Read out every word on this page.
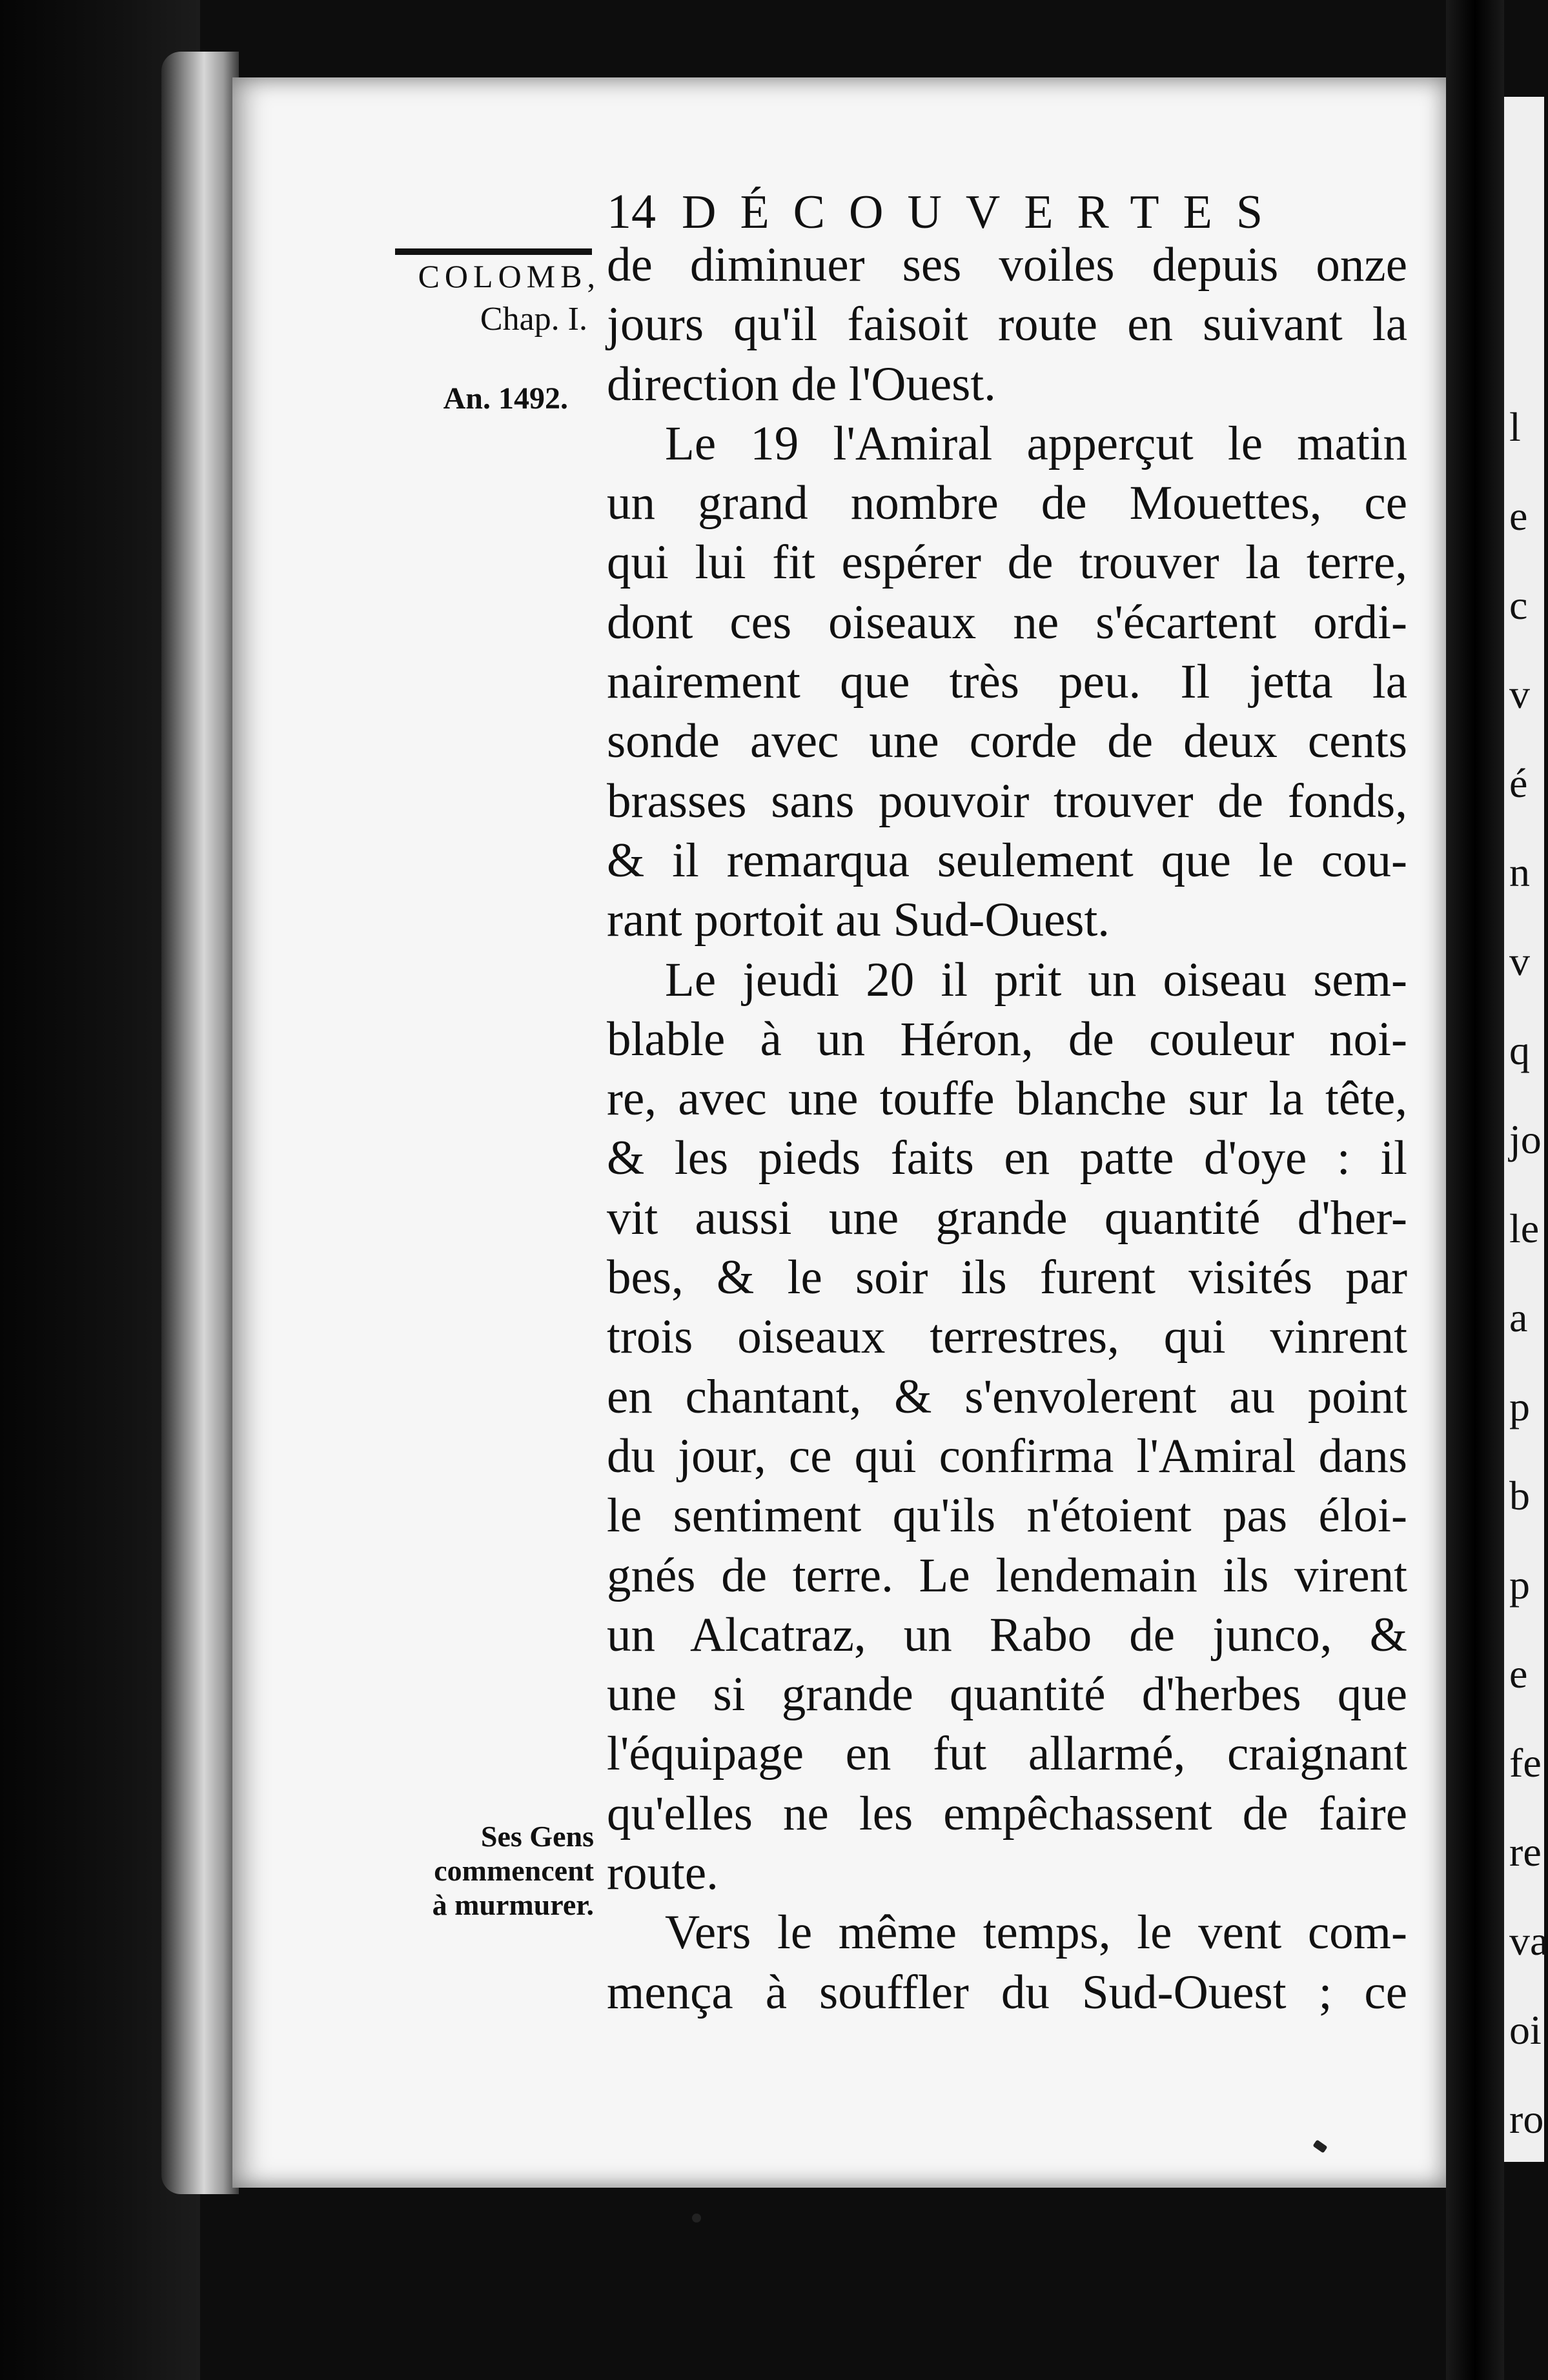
l
e
c
v
é
n
v
q
jo
le
a
p
b
p
e
fe
re
va
oi
ro
14 DÉCOUVERTES
COLOMB,
Chap. I.
An. 1492.
Ses Gens
commencent
à murmurer.
de diminuer ses voiles depuis onze
jours qu'il faisoit route en suivant la
direction de l'Ouest.
Le 19 l'Amiral apperçut le matin
un grand nombre de Mouettes, ce
qui lui fit espérer de trouver la terre,
dont ces oiseaux ne s'écartent ordi-
nairement que très peu. Il jetta la
sonde avec une corde de deux cents
brasses sans pouvoir trouver de fonds,
& il remarqua seulement que le cou-
rant portoit au Sud-Ouest.
Le jeudi 20 il prit un oiseau sem-
blable à un Héron, de couleur noi-
re, avec une touffe blanche sur la tête,
& les pieds faits en patte d'oye : il
vit aussi une grande quantité d'her-
bes, & le soir ils furent visités par
trois oiseaux terrestres, qui vinrent
en chantant, & s'envolerent au point
du jour, ce qui confirma l'Amiral dans
le sentiment qu'ils n'étoient pas éloi-
gnés de terre. Le lendemain ils virent
un Alcatraz, un Rabo de junco, &
une si grande quantité d'herbes que
l'équipage en fut allarmé, craignant
qu'elles ne les empêchassent de faire
route.
Vers le même temps, le vent com-
mença à souffler du Sud-Ouest ; ce
